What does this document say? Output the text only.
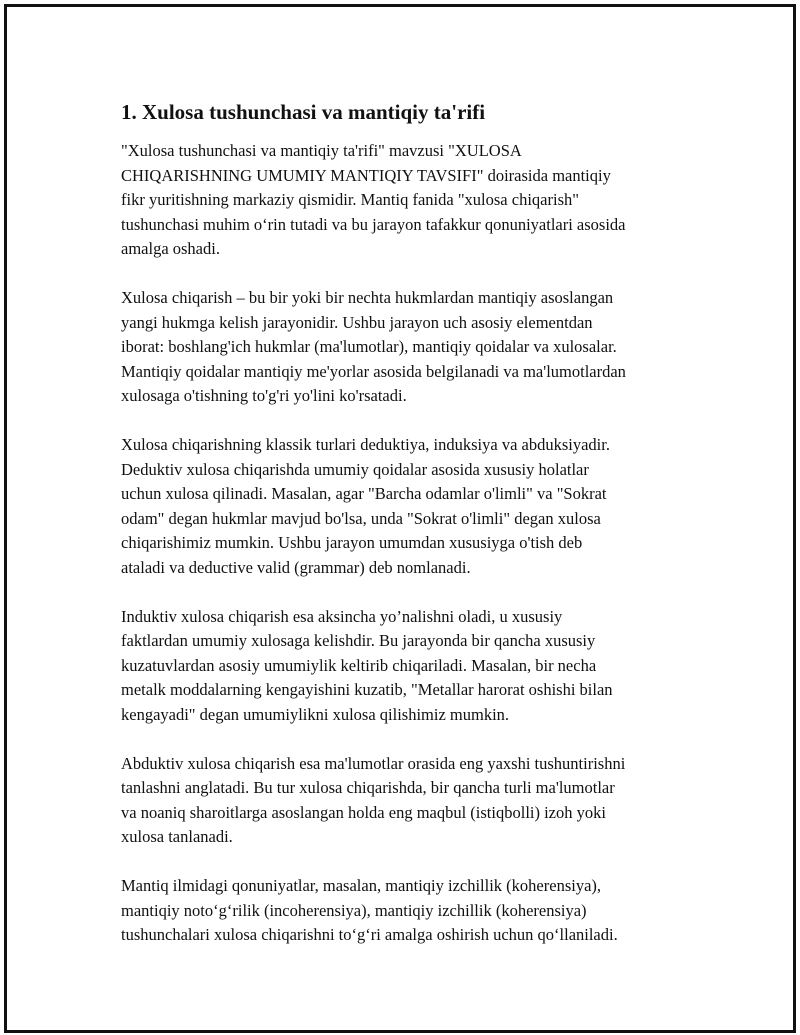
1. Xulosa tushunchasi va mantiqiy ta'rifi

"Xulosa tushunchasi va mantiqiy ta'rifi" mavzusi "XULOSA
CHIQARISHNING UMUMIY MANTIQIY TAVSIFI" doirasida mantiqiy
fikr yuritishning markaziy qismidir. Mantiq fanida "xulosa chiqarish"
tushunchasi muhim o‘rin tutadi va bu jarayon tafakkur qonuniyatlari asosida
amalga oshadi.

Xulosa chiqarish – bu bir yoki bir nechta hukmlardan mantiqiy asoslangan
yangi hukmga kelish jarayonidir. Ushbu jarayon uch asosiy elementdan
iborat: boshlang'ich hukmlar (ma'lumotlar), mantiqiy qoidalar va xulosalar.
Mantiqiy qoidalar mantiqiy me'yorlar asosida belgilanadi va ma'lumotlardan
xulosaga o'tishning to'g'ri yo'lini ko'rsatadi.

Xulosa chiqarishning klassik turlari deduktiya, induksiya va abduksiyadir.
Deduktiv xulosa chiqarishda umumiy qoidalar asosida xususiy holatlar
uchun xulosa qilinadi. Masalan, agar "Barcha odamlar o'limli" va "Sokrat
odam" degan hukmlar mavjud bo'lsa, unda "Sokrat o'limli" degan xulosa
chiqarishimiz mumkin. Ushbu jarayon umumdan xususiyga o'tish deb
ataladi va deductive valid (grammar) deb nomlanadi.

Induktiv xulosa chiqarish esa aksincha yo’nalishni oladi, u xususiy
faktlardan umumiy xulosaga kelishdir. Bu jarayonda bir qancha xususiy
kuzatuvlardan asosiy umumiylik keltirib chiqariladi. Masalan, bir necha
metalk moddalarning kengayishini kuzatib, "Metallar harorat oshishi bilan
kengayadi" degan umumiylikni xulosa qilishimiz mumkin.

Abduktiv xulosa chiqarish esa ma'lumotlar orasida eng yaxshi tushuntirishni
tanlashni anglatadi. Bu tur xulosa chiqarishda, bir qancha turli ma'lumotlar
va noaniq sharoitlarga asoslangan holda eng maqbul (istiqbolli) izoh yoki
xulosa tanlanadi.

Mantiq ilmidagi qonuniyatlar, masalan, mantiqiy izchillik (koherensiya),
mantiqiy noto‘g‘rilik (incoherensiya), mantiqiy izchillik (koherensiya)
tushunchalari xulosa chiqarishni to‘g‘ri amalga oshirish uchun qo‘llaniladi.
